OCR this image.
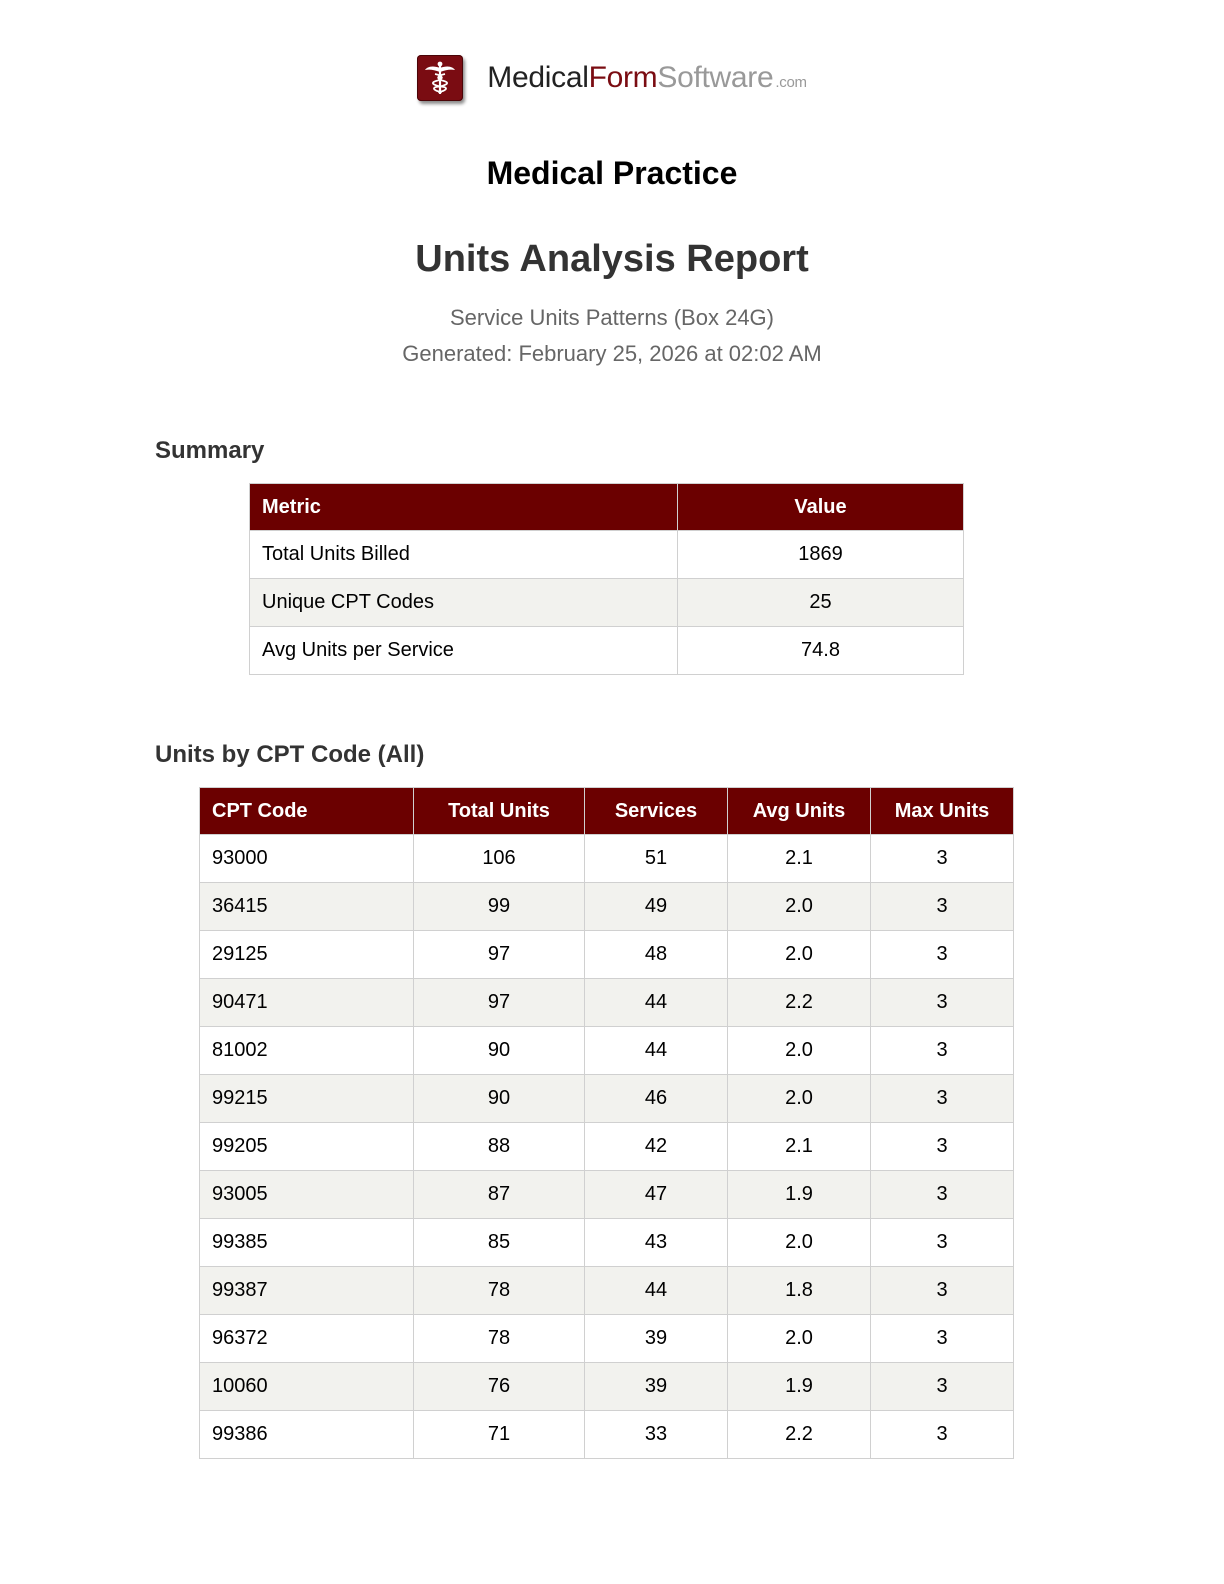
MedicalFormSoftware .com
Medical Practice
Units Analysis Report
Service Units Patterns (Box 24G)
Generated: February 25, 2026 at 02:02 AM
Summary
Metric	Value
Total Units Billed	1869
Unique CPT Codes	25
Avg Units per Service	74.8
Units by CPT Code (All)
CPT Code	Total Units	Services	Avg Units	Max Units
93000	106	51	2.1	3
36415	99	49	2.0	3
29125	97	48	2.0	3
90471	97	44	2.2	3
81002	90	44	2.0	3
99215	90	46	2.0	3
99205	88	42	2.1	3
93005	87	47	1.9	3
99385	85	43	2.0	3
99387	78	44	1.8	3
96372	78	39	2.0	3
10060	76	39	1.9	3
99386	71	33	2.2	3
